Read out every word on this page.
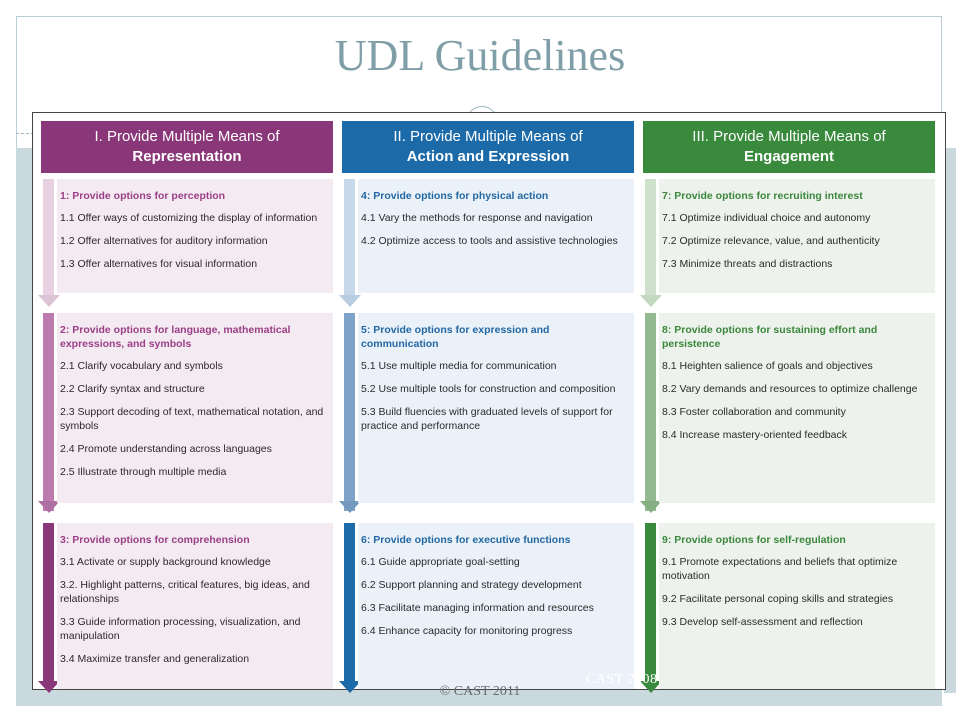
UDL Guidelines
I. Provide Multiple Means of
Representation
1: Provide options for perception
1.1 Offer ways of customizing the display of information
1.2 Offer alternatives for auditory information
1.3 Offer alternatives for visual information
2: Provide options for language, mathematical expressions, and symbols
2.1 Clarify vocabulary and symbols
2.2 Clarify syntax and structure
2.3 Support decoding of text, mathematical notation, and symbols
2.4 Promote understanding across languages
2.5 Illustrate through multiple media
3: Provide options for comprehension
3.1 Activate or supply background knowledge
3.2. Highlight patterns, critical features, big ideas, and relationships
3.3 Guide information processing, visualization, and manipulation
3.4 Maximize transfer and generalization
II. Provide Multiple Means of
Action and Expression
4: Provide options for physical action
4.1 Vary the methods for response and navigation
4.2 Optimize access to tools and assistive technologies
5: Provide options for expression and communication
5.1 Use multiple media for communication
5.2 Use multiple tools for construction and composition
5.3 Build fluencies with graduated levels of support for practice and performance
6: Provide options for executive functions
6.1 Guide appropriate goal-setting
6.2 Support planning and strategy development
6.3 Facilitate managing information and resources
6.4 Enhance capacity for monitoring progress
III. Provide Multiple Means of
Engagement
7: Provide options for recruiting interest
7.1 Optimize individual choice and autonomy
7.2 Optimize relevance, value, and authenticity
7.3 Minimize threats and distractions
8: Provide options for sustaining effort and persistence
8.1 Heighten salience of goals and objectives
8.2 Vary demands and resources to optimize challenge
8.3 Foster collaboration and community
8.4 Increase mastery-oriented feedback
9: Provide options for self-regulation
9.1 Promote expectations and beliefs that optimize motivation
9.2 Facilitate personal coping skills and strategies
9.3 Develop self-assessment and reflection
© CAST 2011
CAST 2008
